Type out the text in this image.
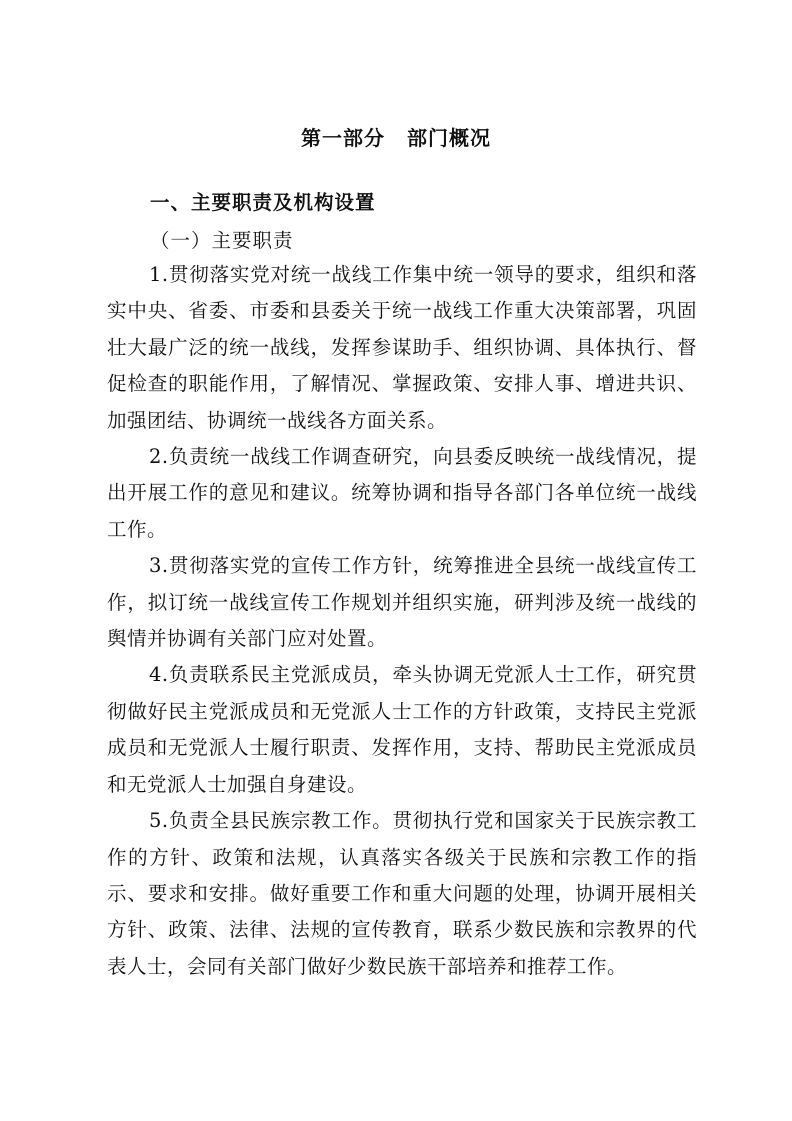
第一部分 部门概况
一、主要职责及机构设置
（一）主要职责

1.贯彻落实党对统一战线工作集中统一领导的要求，组织和落实中央、省委、市委和县委关于统一战线工作重大决策部署，巩固壮大最广泛的统一战线，发挥参谋助手、组织协调、具体执行、督促检查的职能作用，了解情况、掌握政策、安排人事、增进共识、加强团结、协调统一战线各方面关系。

2.负责统一战线工作调查研究，向县委反映统一战线情况，提出开展工作的意见和建议。统筹协调和指导各部门各单位统一战线工作。

3.贯彻落实党的宣传工作方针，统筹推进全县统一战线宣传工作，拟订统一战线宣传工作规划并组织实施，研判涉及统一战线的舆情并协调有关部门应对处置。

4.负责联系民主党派成员，牵头协调无党派人士工作，研究贯彻做好民主党派成员和无党派人士工作的方针政策，支持民主党派成员和无党派人士履行职责、发挥作用，支持、帮助民主党派成员和无党派人士加强自身建设。

5.负责全县民族宗教工作。贯彻执行党和国家关于民族宗教工作的方针、政策和法规，认真落实各级关于民族和宗教工作的指示、要求和安排。做好重要工作和重大问题的处理，协调开展相关方针、政策、法律、法规的宣传教育，联系少数民族和宗教界的代表人士，会同有关部门做好少数民族干部培养和推荐工作。
